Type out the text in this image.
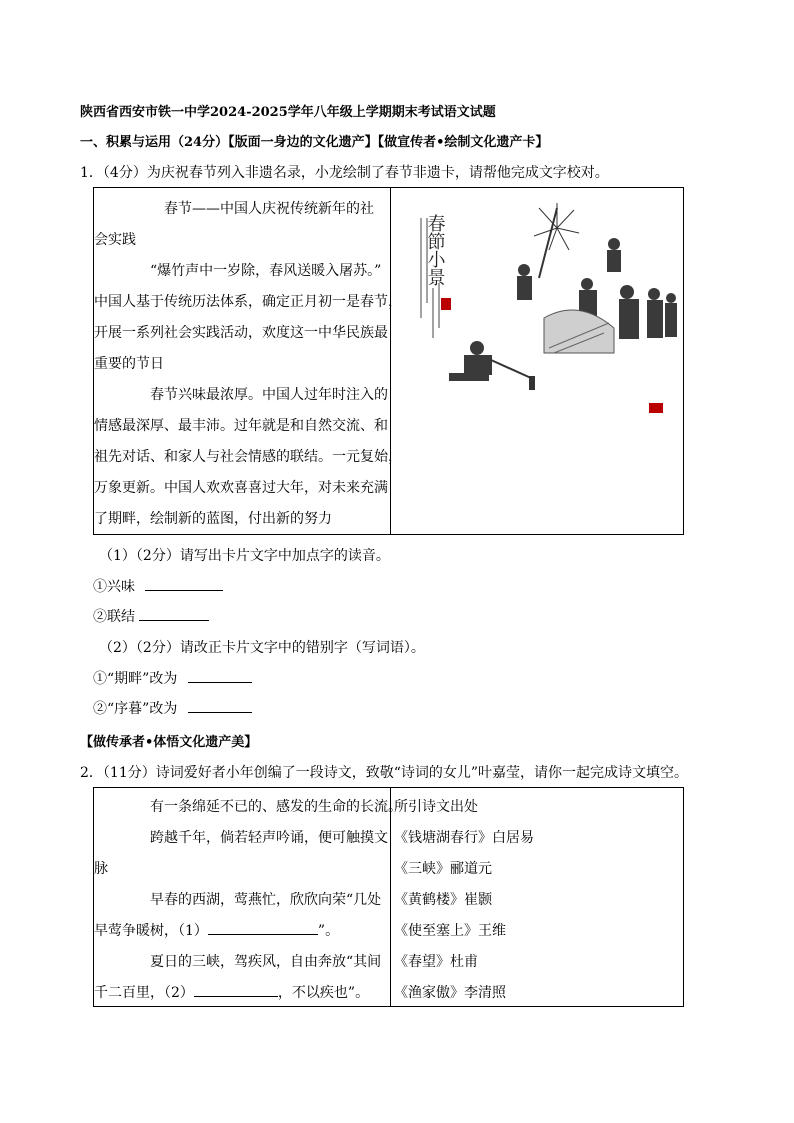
陕西省西安市铁一中学2024-2025学年八年级上学期期末考试语文试题
一、积累与运用（24分）【版面一身边的文化遗产】【做宣传者•绘制文化遗产卡】
1．（4分）为庆祝春节列入非遗名录，小龙绘制了春节非遗卡，请帮他完成文字校对。
春节——中国人庆祝传统新年的社
会实践
“爆竹声中一岁除，春风送暖入屠苏。”
中国人基于传统历法体系，确定正月初一是春节，
开展一系列社会实践活动，欢度这一中华民族最
重要的节日
春节兴味最浓厚。中国人过年时注入的
情感最深厚、最丰沛。过年就是和自然交流、和
祖先对话、和家人与社会情感的联结。一元复始，
万象更新。中国人欢欢喜喜过大年，对未来充满
了期畔，绘制新的蓝图，付出新的努力
春節小景
（1）（2分）请写出卡片文字中加点字的读音。
①兴味
②联结
（2）（2分）请改正卡片文字中的错别字（写词语）。
①“期畔”改为
②“序暮”改为
【做传承者•体悟文化遗产美】
2．（11分）诗词爱好者小年创编了一段诗文，致敬“诗词的女儿”叶嘉莹，请你一起完成诗文填空。
有一条绵延不已的、感发的生命的长流。
跨越千年，倘若轻声吟诵，便可触摸文
脉
早春的西湖，莺燕忙，欣欣向荣“几处
早莺争暖树，（1）	”。
夏日的三峡，驾疾风，自由奔放“其间
千二百里，（2）	，不以疾也”。
所引诗文出处
《钱塘湖春行》白居易
《三峡》郦道元
《黄鹤楼》崔颢
《使至塞上》王维
《春望》杜甫
《渔家傲》李清照
